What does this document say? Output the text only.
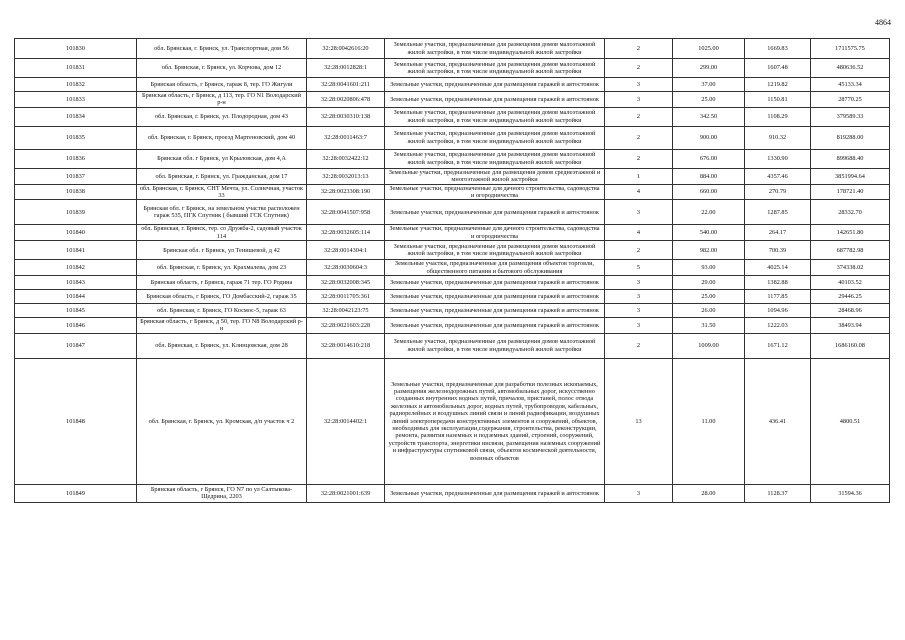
4864
101830	обл. Брянская, г. Брянск, ул. Транспортная, дом 56	32:28:0042616:20	Земельные участки, предназначенные для размещения домов малоэтажной жилой застройки, в том числе индивидуальной жилой застройки	2	1025.00	1669.83	1711575.75
101831	обл. Брянская, г. Брянск, ул. Корчова, дом 12	32:28:0012828:1	Земельные участки, предназначенные для размещения домов малоэтажной жилой застройки, в том числе индивидуальной жилой застройки	2	299.00	1607.48	480636.52
101832	Брянская область, г Брянск, гараж 8, тер. ГО Жигули	32:28:0041601:211	Земельные участки, предназначенные для размещения гаражей и автостоянок	3	37.00	1219.82	45133.34
101833	Брянская область, г Брянск, д 113, тер. ГО N1 Володарский р-н	32:28:0020806:478	Земельные участки, предназначенные для размещения гаражей и автостоянок	3	25.00	1150.81	28770.25
101834	обл. Брянская, г. Брянск, ул. Плодородная, дом 43	32:28:0030310:138	Земельные участки, предназначенные для размещения домов малоэтажной жилой застройки, в том числе индивидуальной жилой застройки	2	342.50	1108.29	379589.33
101835	обл. Брянская, г. Брянск, проезд Мартеновский, дом 40	32:28:0011463:7	Земельные участки, предназначенные для размещения домов малоэтажной жилой застройки, в том числе индивидуальной жилой застройки	2	900.00	910.32	819288.00
101836	Брянская обл. г Брянск, ул Крыловская, дом 4,А	32:28:0032422:12	Земельные участки, предназначенные для размещения домов малоэтажной жилой застройки, в том числе индивидуальной жилой застройки	2	676.00	1330.90	899688.40
101837	обл. Брянская, г. Брянск, ул. Гражданская, дом 17	32:28:0032013:13	Земельные участки, предназначенные для размещения домов среднеэтажной и многоэтажной жилой застройки	1	884.00	4357.46	3851994.64
101838	обл. Брянская, г. Брянск, СНТ Мечта, ул. Солнечная, участок 33	32:28:0023308:190	Земельные участки, предназначенные для дачного строительства, садоводства и огородничества	4	660.00	270.79	178721.40
101839	Брянская обл. г Брянск, на земельном участке расположен гараж 535, ПГК Спутник ( бывший ГСК Спутник)	32:28:0041507:958	Земельные участки, предназначенные для размещения гаражей и автостоянок	3	22.00	1287.85	28332.70
101840	обл. Брянская, г. Брянск, тер. со Дружба-2, садовый участок 114	32:28:0032605:114	Земельные участки, предназначенные для дачного строительства, садоводства и огородничества	4	540.00	264.17	142651.80
101841	Брянская обл. г Брянск, ул Тенишевой, д 42	32:28:0014304:1	Земельные участки, предназначенные для размещения домов малоэтажной жилой застройки, в том числе индивидуальной жилой застройки	2	982.00	700.39	687782.98
101842	обл. Брянская, г. Брянск, ул. Крахмалева, дом 23	32:28:0030604:3	Земельные участки, предназначенные для размещения объектов торговли, общественного питания и бытового обслуживания	5	93.00	4025.14	374338.02
101843	Брянская область, г Брянск, гараж 71 тер. ГО Родина	32:28:0032008:345	Земельные участки, предназначенные для размещения гаражей и автостоянок	3	29.00	1382.88	40103.52
101844	Брянская область, г Брянск, ГО Домбасский-2, гараж 35	32:28:0011705:361	Земельные участки, предназначенные для размещения гаражей и автостоянок	3	25.00	1177.85	29446.25
101845	обл. Брянская, г. Брянск, ГО Космос-5, гараж 63	32:28:0042123:75	Земельные участки, предназначенные для размещения гаражей и автостоянок	3	26.00	1094.96	28468.96
101846	Брянская область, г Брянск, д 50, тер. ГО N8 Володарский р-н	32:28:0021603:228	Земельные участки, предназначенные для размещения гаражей и автостоянок	3	31.50	1222.03	38493.94
101847	обл. Брянская, г. Брянск, ул. Клинцовская, дом 28	32:28:0014610:218	Земельные участки, предназначенные для размещения домов малоэтажной жилой застройки, в том числе индивидуальной жилой застройки	2	1009.00	1671.12	1686160.08
101848	обл. Брянская, г. Брянск, ул. Кромская, д/п участок ч 2	32:28:0014402:1	Земельные участки, предназначенные для разработки полезных ископаемых, размещения железнодорожных путей, автомобильных дорог, искусственно созданных внутренних водных путей, причалов, пристаней, полос отвода железных и автомобильных дорог, водных путей, трубопроводов, кабельных, радиорелейных и воздушных линий связи и линий радиофикации, воздушных линий электропередачи конструктивных элементов и сооружений, объектов, необходимых для эксплуатации,содержания, строительства, реконструкции, ремонта, развития наземных и подземных зданий, строений, сооружений, устройств транспорта, энергетики инсвязи, размещения наземных сооружений и инфраструктуры спутниковой связи, объектов космической деятельности, военных объектов	13	11.00	436.41	4800.51
101849	Брянская область, г Брянск, ГО N7 по ул Салтыкова-Щедрина, 2203	32:28:0021001:639	Земельные участки, предназначенные для размещения гаражей и автостоянок	3	28.00	1128.37	31594.36
